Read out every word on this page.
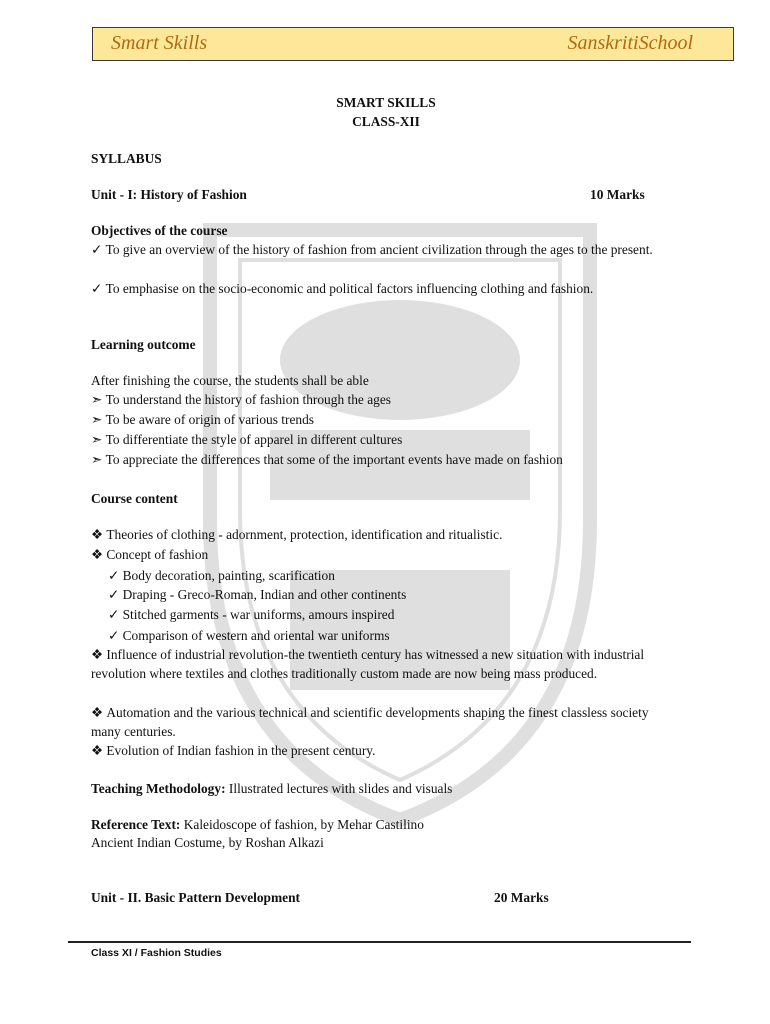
Smart Skills	SanskritiSchool
SMART SKILLS
CLASS-XII
SYLLABUS
Unit - I: History of Fashion	10 Marks
Objectives of the course
✓ To give an overview of the history of fashion from ancient civilization through the ages to the present.
✓ To emphasise on the socio-economic and political factors influencing clothing and fashion.
Learning outcome
After finishing the course, the students shall be able
➣ To understand the history of fashion through the ages
➣ To be aware of origin of various trends
➣ To differentiate the style of apparel in different cultures
➣ To appreciate the differences that some of the important events have made on fashion
Course content
❖ Theories of clothing - adornment, protection, identification and ritualistic.
❖ Concept of fashion
✓ Body decoration, painting, scarification
✓ Draping - Greco-Roman, Indian and other continents
✓ Stitched garments - war uniforms, amours inspired
✓ Comparison of western and oriental war uniforms
❖ Influence of industrial revolution-the twentieth century has witnessed a new situation with industrial revolution where textiles and clothes traditionally custom made are now being mass produced.
❖ Automation and the various technical and scientific developments shaping the finest classless society many centuries.
❖ Evolution of Indian fashion in the present century.
Teaching Methodology: Illustrated lectures with slides and visuals
Reference Text: Kaleidoscope of fashion, by Mehar Castilino
Ancient Indian Costume, by Roshan Alkazi
Unit - II. Basic Pattern Development	20 Marks
Class XI / Fashion Studies
